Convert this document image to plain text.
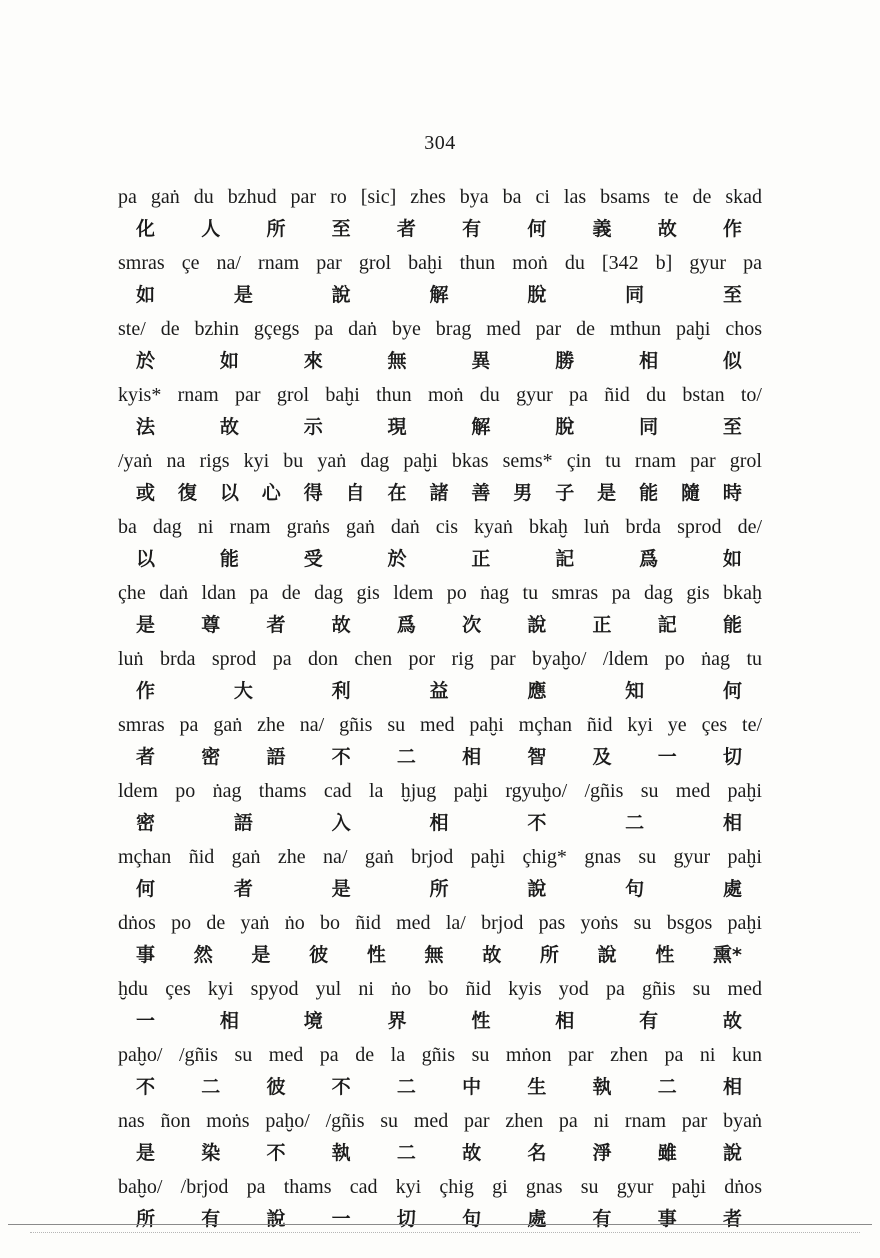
304
pa gaṅ du bzhud par ro [sic] zhes bya ba ci las bsams te de skad
化 人 所 至 者 有 何 義 故 作
smras çe na/ rnam par grol baḫi thun moṅ du [342 b] gyur pa
如	是	說	解	脫	同	至
ste/ de bzhin gçegs pa daṅ bye brag med par de mthun paḫi chos
於	如	來	無	異	勝	相	似
kyis* rnam par grol baḫi thun moṅ du gyur pa ñid du bstan to/
法	故	示	現	解	脫	同	至
/yaṅ na rigs kyi bu yaṅ dag paḫi bkas sems* çin tu rnam par grol
或 復 以 心 得 自 在 諸 善 男 子 是 能 隨 時
ba dag ni rnam graṅs gaṅ daṅ cis kyaṅ bkaḫ luṅ brda sprod de/
以	能	受	於	正	記	爲	如
çhe daṅ ldan pa de dag gis ldem po ṅag tu smras pa dag gis bkaḫ
是 尊 者 故 爲 次 說 正 記 能
luṅ brda sprod pa don chen por rig par byaḫo/ /ldem po ṅag tu
作	大	利	益	應	知	何
smras pa gaṅ zhe na/ gñis su med paḫi mçhan ñid kyi ye çes te/
者 密 語 不 二 相 智 及 一 切
ldem po ṅag thams cad la ḫjug paḫi rgyuḫo/ /gñis su med paḫi
密	語	入	相	不	二	相
mçhan ñid gaṅ zhe na/ gaṅ brjod paḫi çhig* gnas su gyur paḫi
何	者	是	所	說	句	處
dṅos po de yaṅ ṅo bo ñid med la/ brjod pas yoṅs su bsgos paḫi
事 然 是 彼 性 無 故 所 說 性 熏*
ḫdu çes kyi spyod yul ni ṅo bo ñid kyis yod pa gñis su med
一	相	境	界	性	相	有	故
paḫo/ /gñis su med pa de la gñis su mṅon par zhen pa ni kun
不 二 彼 不 二 中 生 執 二 相
nas ñon moṅs paḫo/ /gñis su med par zhen pa ni rnam par byaṅ
是 染 不 執 二 故 名 淨 雖 說
baḫo/ /brjod pa thams cad kyi çhig gi gnas su gyur paḫi dṅos
所 有 說 一 切 句 處 有 事 者
